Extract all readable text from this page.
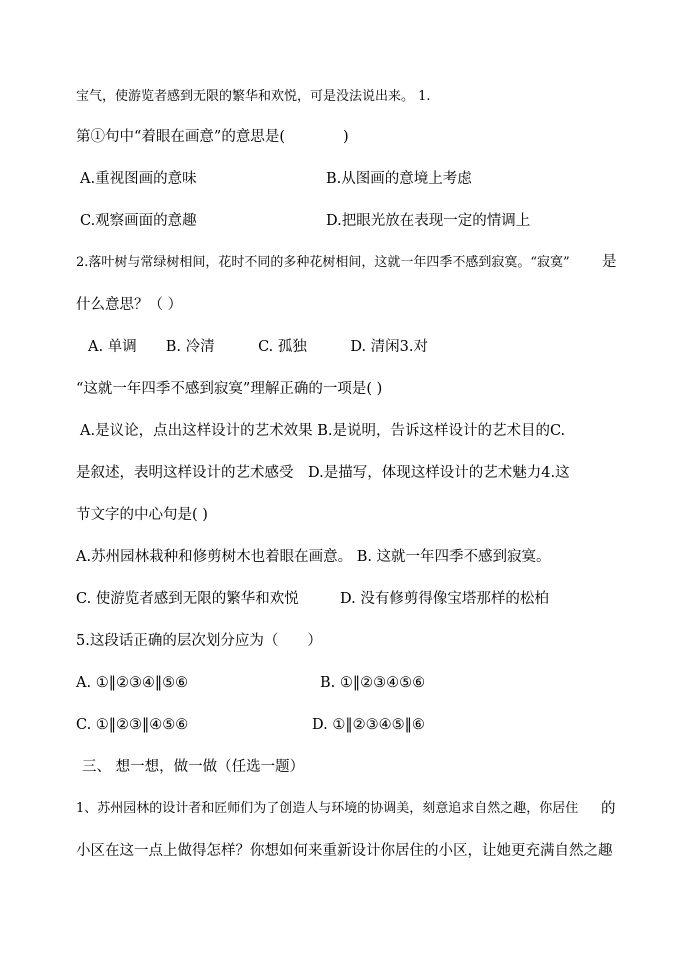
宝气，使游览者感到无限的繁华和欢悦，可是没法说出来。 1.
第①句中“着眼在画意”的意思是(　　　　)
A.重视图画的意味	B.从图画的意境上考虑
C.观察画面的意趣	D.把眼光放在表现一定的情调上
2.落叶树与常绿树相间，花时不同的多种花树相间，这就一年四季不感到寂寞。“寂寞” 是
什么意思？（ ）
A. 单调　　B. 冷清　　　C. 孤独　　　D. 清闲3.对
“这就一年四季不感到寂寞”理解正确的一项是( )
A.是议论，点出这样设计的艺术效果 B.是说明，告诉这样设计的艺术目的C.
是叙述，表明这样设计的艺术感受　D.是描写，体现这样设计的艺术魅力4.这
节文字的中心句是( )
A.苏州园林栽种和修剪树木也着眼在画意。 B. 这就一年四季不感到寂寞。
C. 使游览者感到无限的繁华和欢悦	D. 没有修剪得像宝塔那样的松柏
5.这段话正确的层次划分应为（　　）
A. ①‖②③④‖⑤⑥	B. ①‖②③④⑤⑥
C. ①‖②③‖④⑤⑥	D. ①‖②③④⑤‖⑥
三、 想一想，做一做（任选一题）
1、苏州园林的设计者和匠师们为了创造人与环境的协调美，刻意追求自然之趣，你居住 的
小区在这一点上做得怎样？你想如何来重新设计你居住的小区，让她更充满自然之趣
